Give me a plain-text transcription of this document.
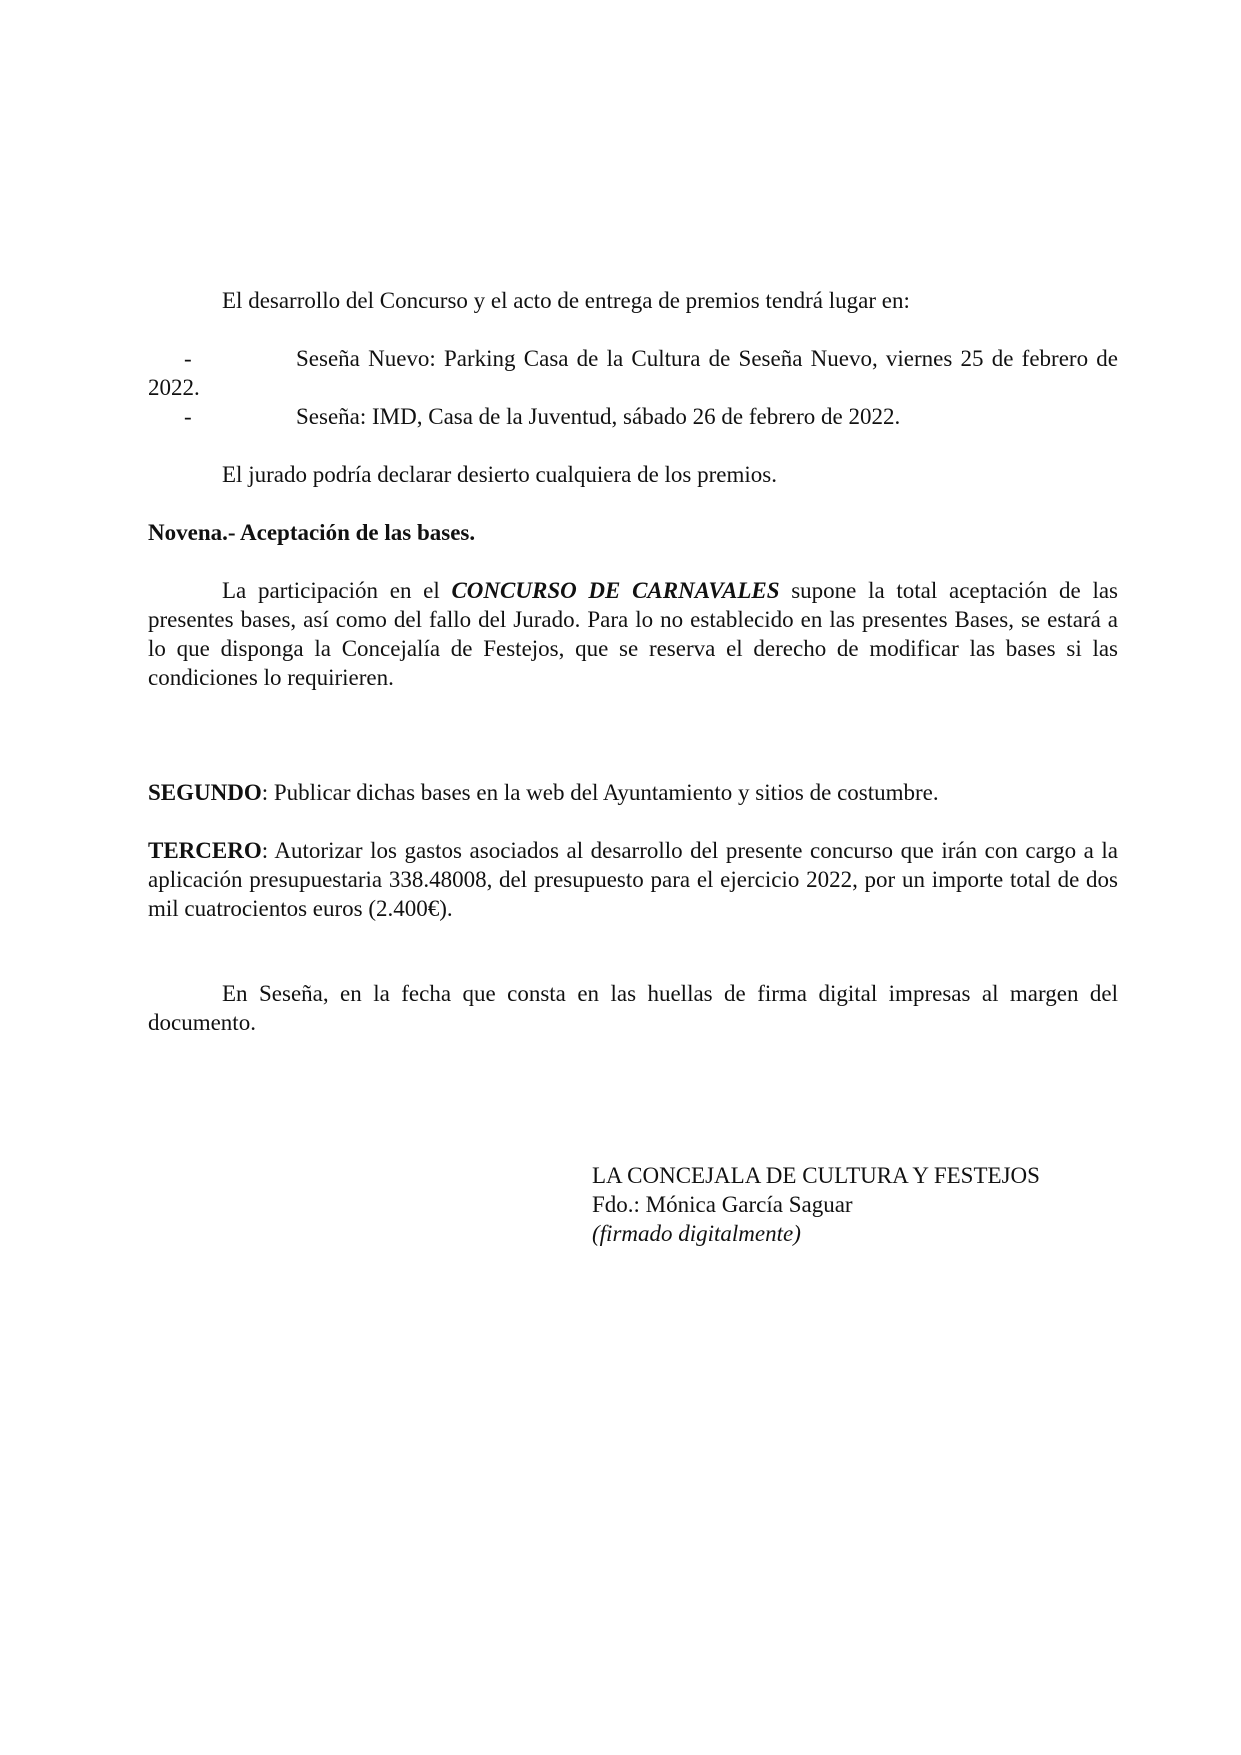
El desarrollo del Concurso y el acto de entrega de premios tendrá lugar en:

-	Seseña Nuevo: Parking Casa de la Cultura de Seseña Nuevo, viernes 25 de febrero de 2022.

-	Seseña: IMD, Casa de la Juventud, sábado 26 de febrero de 2022.

El jurado podría declarar desierto cualquiera de los premios.

Novena.- Aceptación de las bases.

La participación en el CONCURSO DE CARNAVALES supone la total aceptación de las presentes bases, así como del fallo del Jurado. Para lo no establecido en las presentes Bases, se estará a lo que disponga la Concejalía de Festejos, que se reserva el derecho de modificar las bases si las condiciones lo requirieren.

SEGUNDO: Publicar dichas bases en la web del Ayuntamiento y sitios de costumbre.

TERCERO: Autorizar los gastos asociados al desarrollo del presente concurso que irán con cargo a la aplicación presupuestaria 338.48008, del presupuesto para el ejercicio 2022, por un importe total de dos mil cuatrocientos euros (2.400€).

En Seseña, en la fecha que consta en las huellas de firma digital impresas al margen del documento.

LA CONCEJALA DE CULTURA Y FESTEJOS
Fdo.: Mónica García Saguar
(firmado digitalmente)
